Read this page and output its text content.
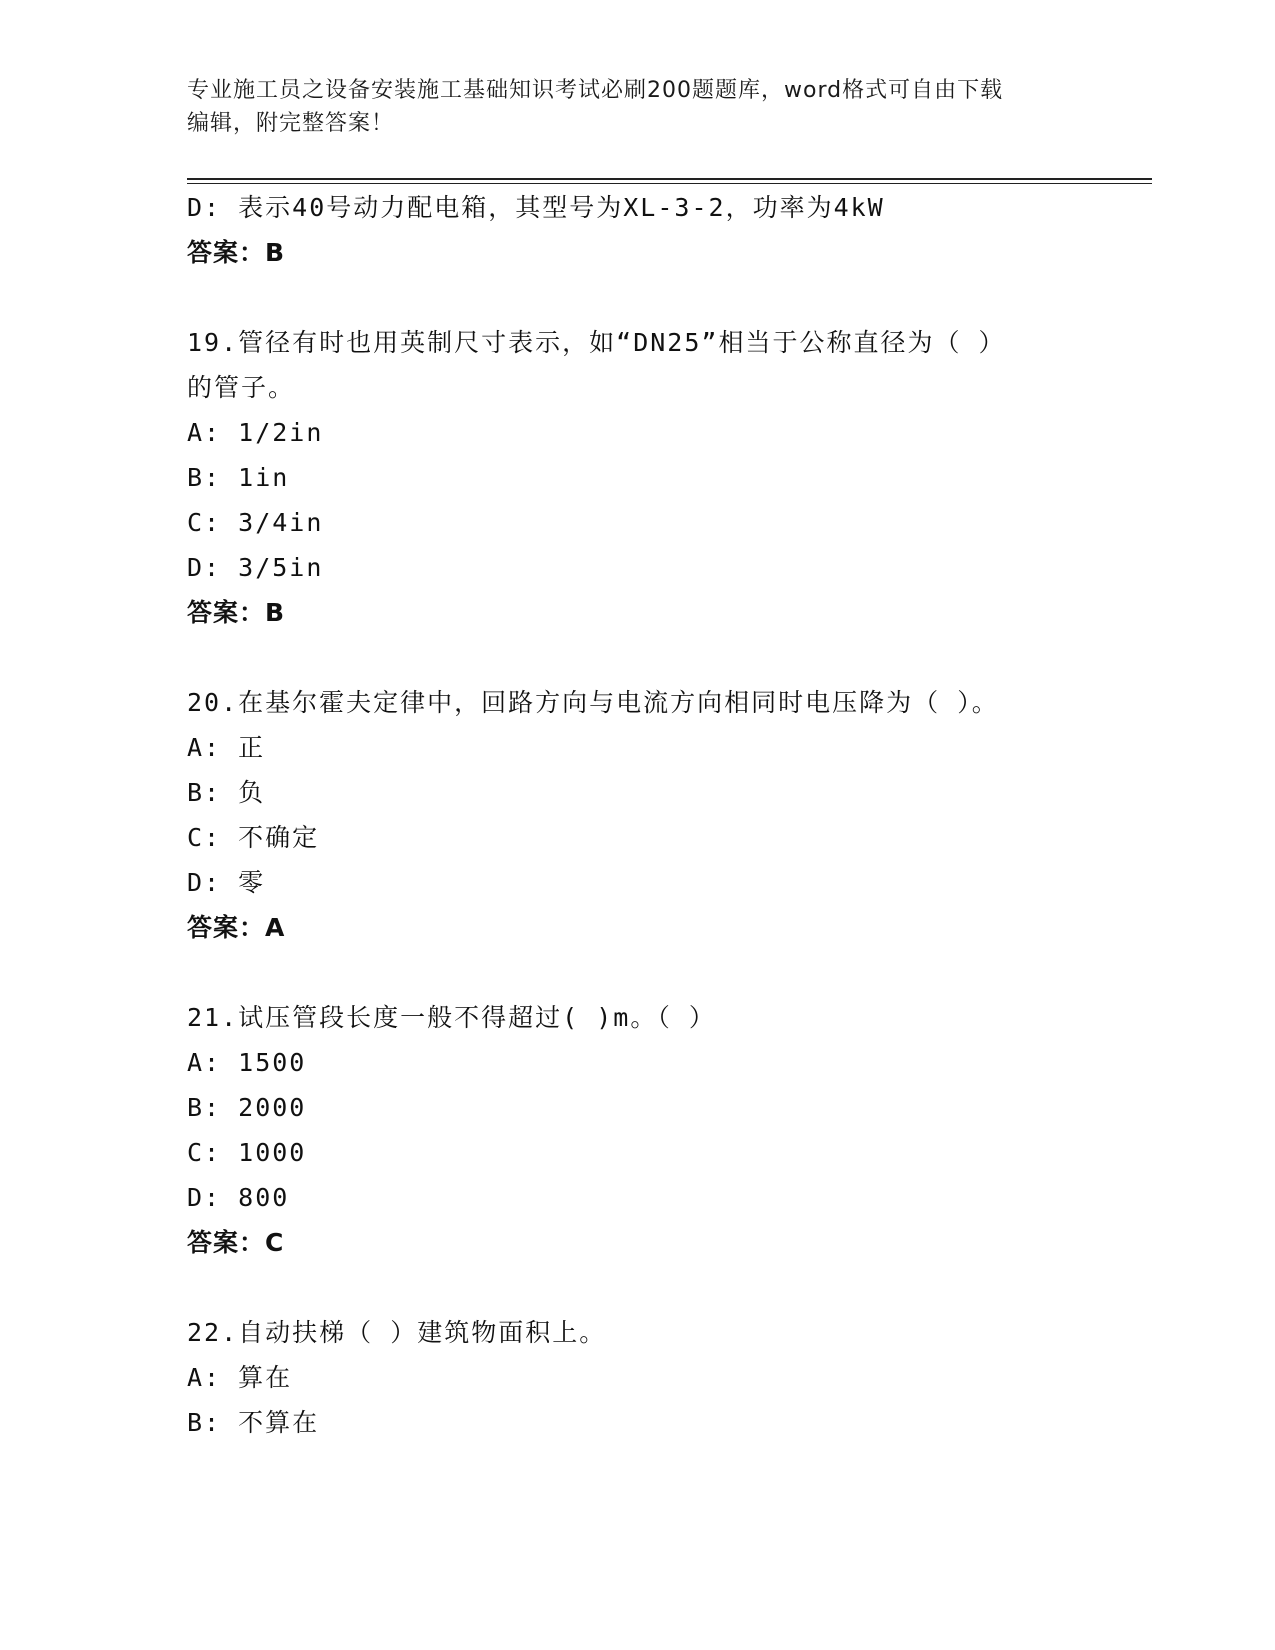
专业施工员之设备安装施工基础知识考试必刷200题题库，word格式可自由下载
编辑，附完整答案！
D: 表示40号动力配电箱，其型号为XL-3-2，功率为4kW
答案：B
19.管径有时也用英制尺寸表示，如“DN25”相当于公称直径为（ ）
的管子。
A: 1/2in
B: 1in
C: 3/4in
D: 3/5in
答案：B
20.在基尔霍夫定律中，回路方向与电流方向相同时电压降为（ ）。
A: 正
B: 负
C: 不确定
D: 零
答案：A
21.试压管段长度一般不得超过( )m。（ ）
A: 1500
B: 2000
C: 1000
D: 800
答案：C
22.自动扶梯（ ）建筑物面积上。
A: 算在
B: 不算在
